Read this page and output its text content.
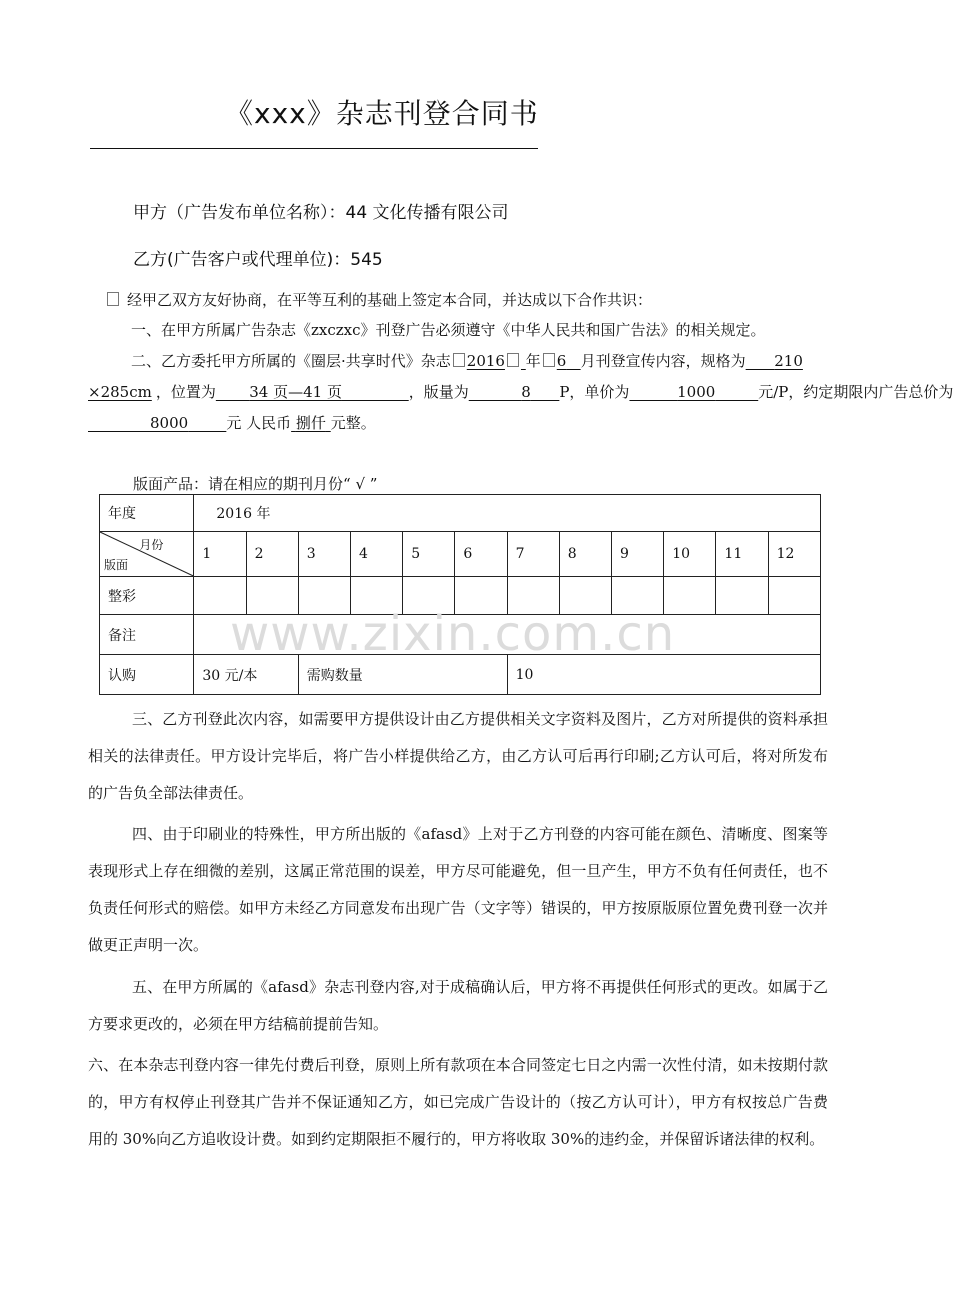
《xxx》杂志刊登合同书
甲方（广告发布单位名称）：44 文化传播有限公司
乙方(广告客户或代理单位)：545
经甲乙双方友好协商，在平等互利的基础上签定本合同，并达成以下合作共识：
一、在甲方所属广告杂志《zxczxc》刊登广告必须遵守《中华人民共和国广告法》的相关规定。
二、乙方委托甲方所属的《圈层·共享时代》杂志 2016 年 6 月刊登宣传内容，规格为 210
×285cm ，位置为 34 页—41 页	，版量为	8 P，单价为	1000	元/P，约定期限内广告总价为
8000	元 人民币 捌仟 元整。
版面产品：请在相应的期刊月份“ √ ”
年度	2016 年											

月份
版面	1	2	3	4	5	6	7	8	9	10	11	12
整彩												
备注												
认购	30 元/本		需购数量				10					
www.zixin.com.cn

三、乙方刊登此次内容，如需要甲方提供设计由乙方提供相关文字资料及图片，乙方对所提供的资料承担相关的法律责任。甲方设计完毕后，将广告小样提供给乙方，由乙方认可后再行印刷;乙方认可后，将对所发布的广告负全部法律责任。

四、由于印刷业的特殊性，甲方所出版的《afasd》上对于乙方刊登的内容可能在颜色、清晰度、图案等表现形式上存在细微的差别，这属正常范围的误差，甲方尽可能避免，但一旦产生，甲方不负有任何责任，也不负责任何形式的赔偿。如甲方未经乙方同意发布出现广告（文字等）错误的，甲方按原版原位置免费刊登一次并做更正声明一次。

五、在甲方所属的《afasd》杂志刊登内容,对于成稿确认后，甲方将不再提供任何形式的更改。如属于乙方要求更改的，必须在甲方结稿前提前告知。

六、在本杂志刊登内容一律先付费后刊登，原则上所有款项在本合同签定七日之内需一次性付清，如未按期付款的，甲方有权停止刊登其广告并不保证通知乙方，如已完成广告设计的（按乙方认可计），甲方有权按总广告费用的 30%向乙方追收设计费。如到约定期限拒不履行的，甲方将收取 30%的违约金，并保留诉诸法律的权利。
